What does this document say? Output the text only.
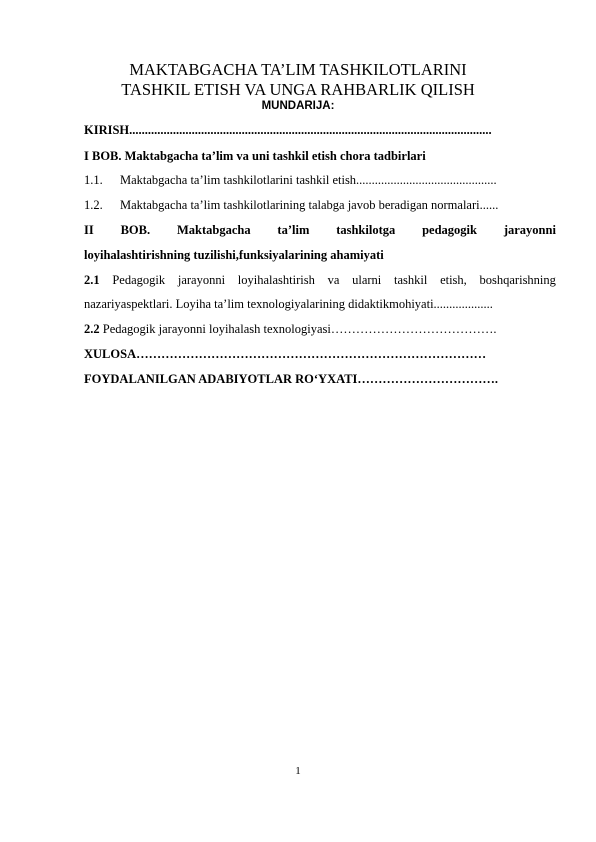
MAKTABGACHA TA’LIM TASHKILOTLARINI
TASHKIL ETISH VA UNGA RAHBARLIK QILISH
MUNDARIJA:
KIRISH....................................................................................................................
I BOB. Maktabgacha ta’lim va uni tashkil etish chora tadbirlari
1.1. Maktabgacha ta’lim tashkilotlarini tashkil etish.............................................
1.2. Maktabgacha ta’lim tashkilotlarining talabga javob beradigan normalari......
II BOB. Maktabgacha ta’lim tashkilotga pedagogik jarayonni
loyihalashtirishning tuzilishi,funksiyalarining ahamiyati
2.1 Pedagogik jarayonni loyihalashtirish va ularni tashkil etish, boshqarishning
nazariyaspektlari. Loyiha ta’lim texnologiyalarining didaktikmohiyati...................
2.2 Pedagogik jarayonni loyihalash texnologiyasi………………………………….
XULOSA…………………………………………………………………………
FOYDALANILGAN ADABIYOTLAR RO‘YXATI…………………………….
1
